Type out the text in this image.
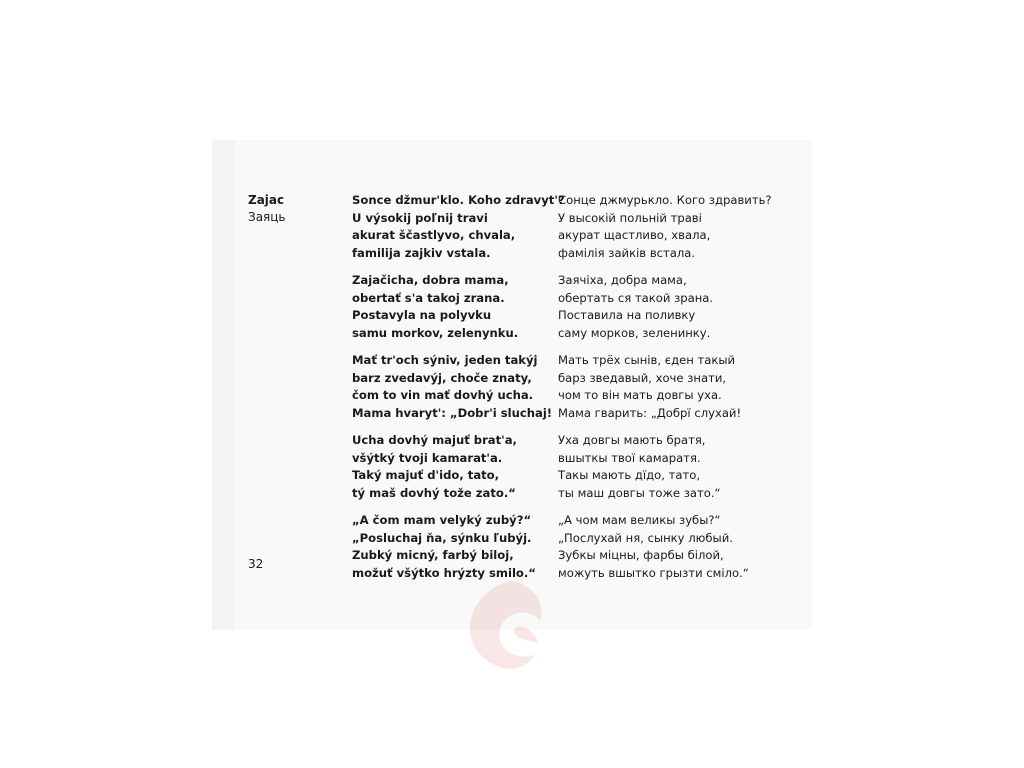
Zajac
Заяць
Sonce džmur'klo. Koho zdravyt'?
U výsokij poľnij travi
akurat ščastlyvo, chvala,
familija zajkiv vstala.
Zajačicha, dobra mama,
obertať s'a takoj zrana.
Postavyla na polyvku
samu morkov, zelenynku.
Mať tr'och sýniv, jeden takýj
barz zvedavýj, choče znaty,
čom to vin mať dovhý ucha.
Mama hvaryt': „Dobr'i sluchaj!
Ucha dovhý majuť brat'a,
všýtký tvoji kamarat'a.
Taký majuť d'ido, tato,
tý maš dovhý tože zato.“
„A čom mam velyký zubý?“
„Posluchaj ňa, sýnku ľubýj.
Zubký micný, farbý biloj,
možuť všýtko hrýzty smilo.“
Сонце джмурькло. Кого здравить?
У высокій польній траві
акурат щастливо, хвала,
фамілія зайків встала.
Заячіха, добра мама,
обертать ся такой зрана.
Поставила на поливку
саму морков, зеленинку.
Мать трёх сынів, єден такый
барз зведавый, хоче знати,
чом то він мать довгы уха.
Мама гварить: „Добрї слухай!
Уха довгы мають братя,
вшыткы твої камаратя.
Такы мають дїдо, тато,
ты маш довгы тоже зато.“
„А чом мам великы зубы?“
„Послухай ня, сынку любый.
Зубкы міцны, фарбы білой,
можуть вшыткo грызти сміло.“
32
